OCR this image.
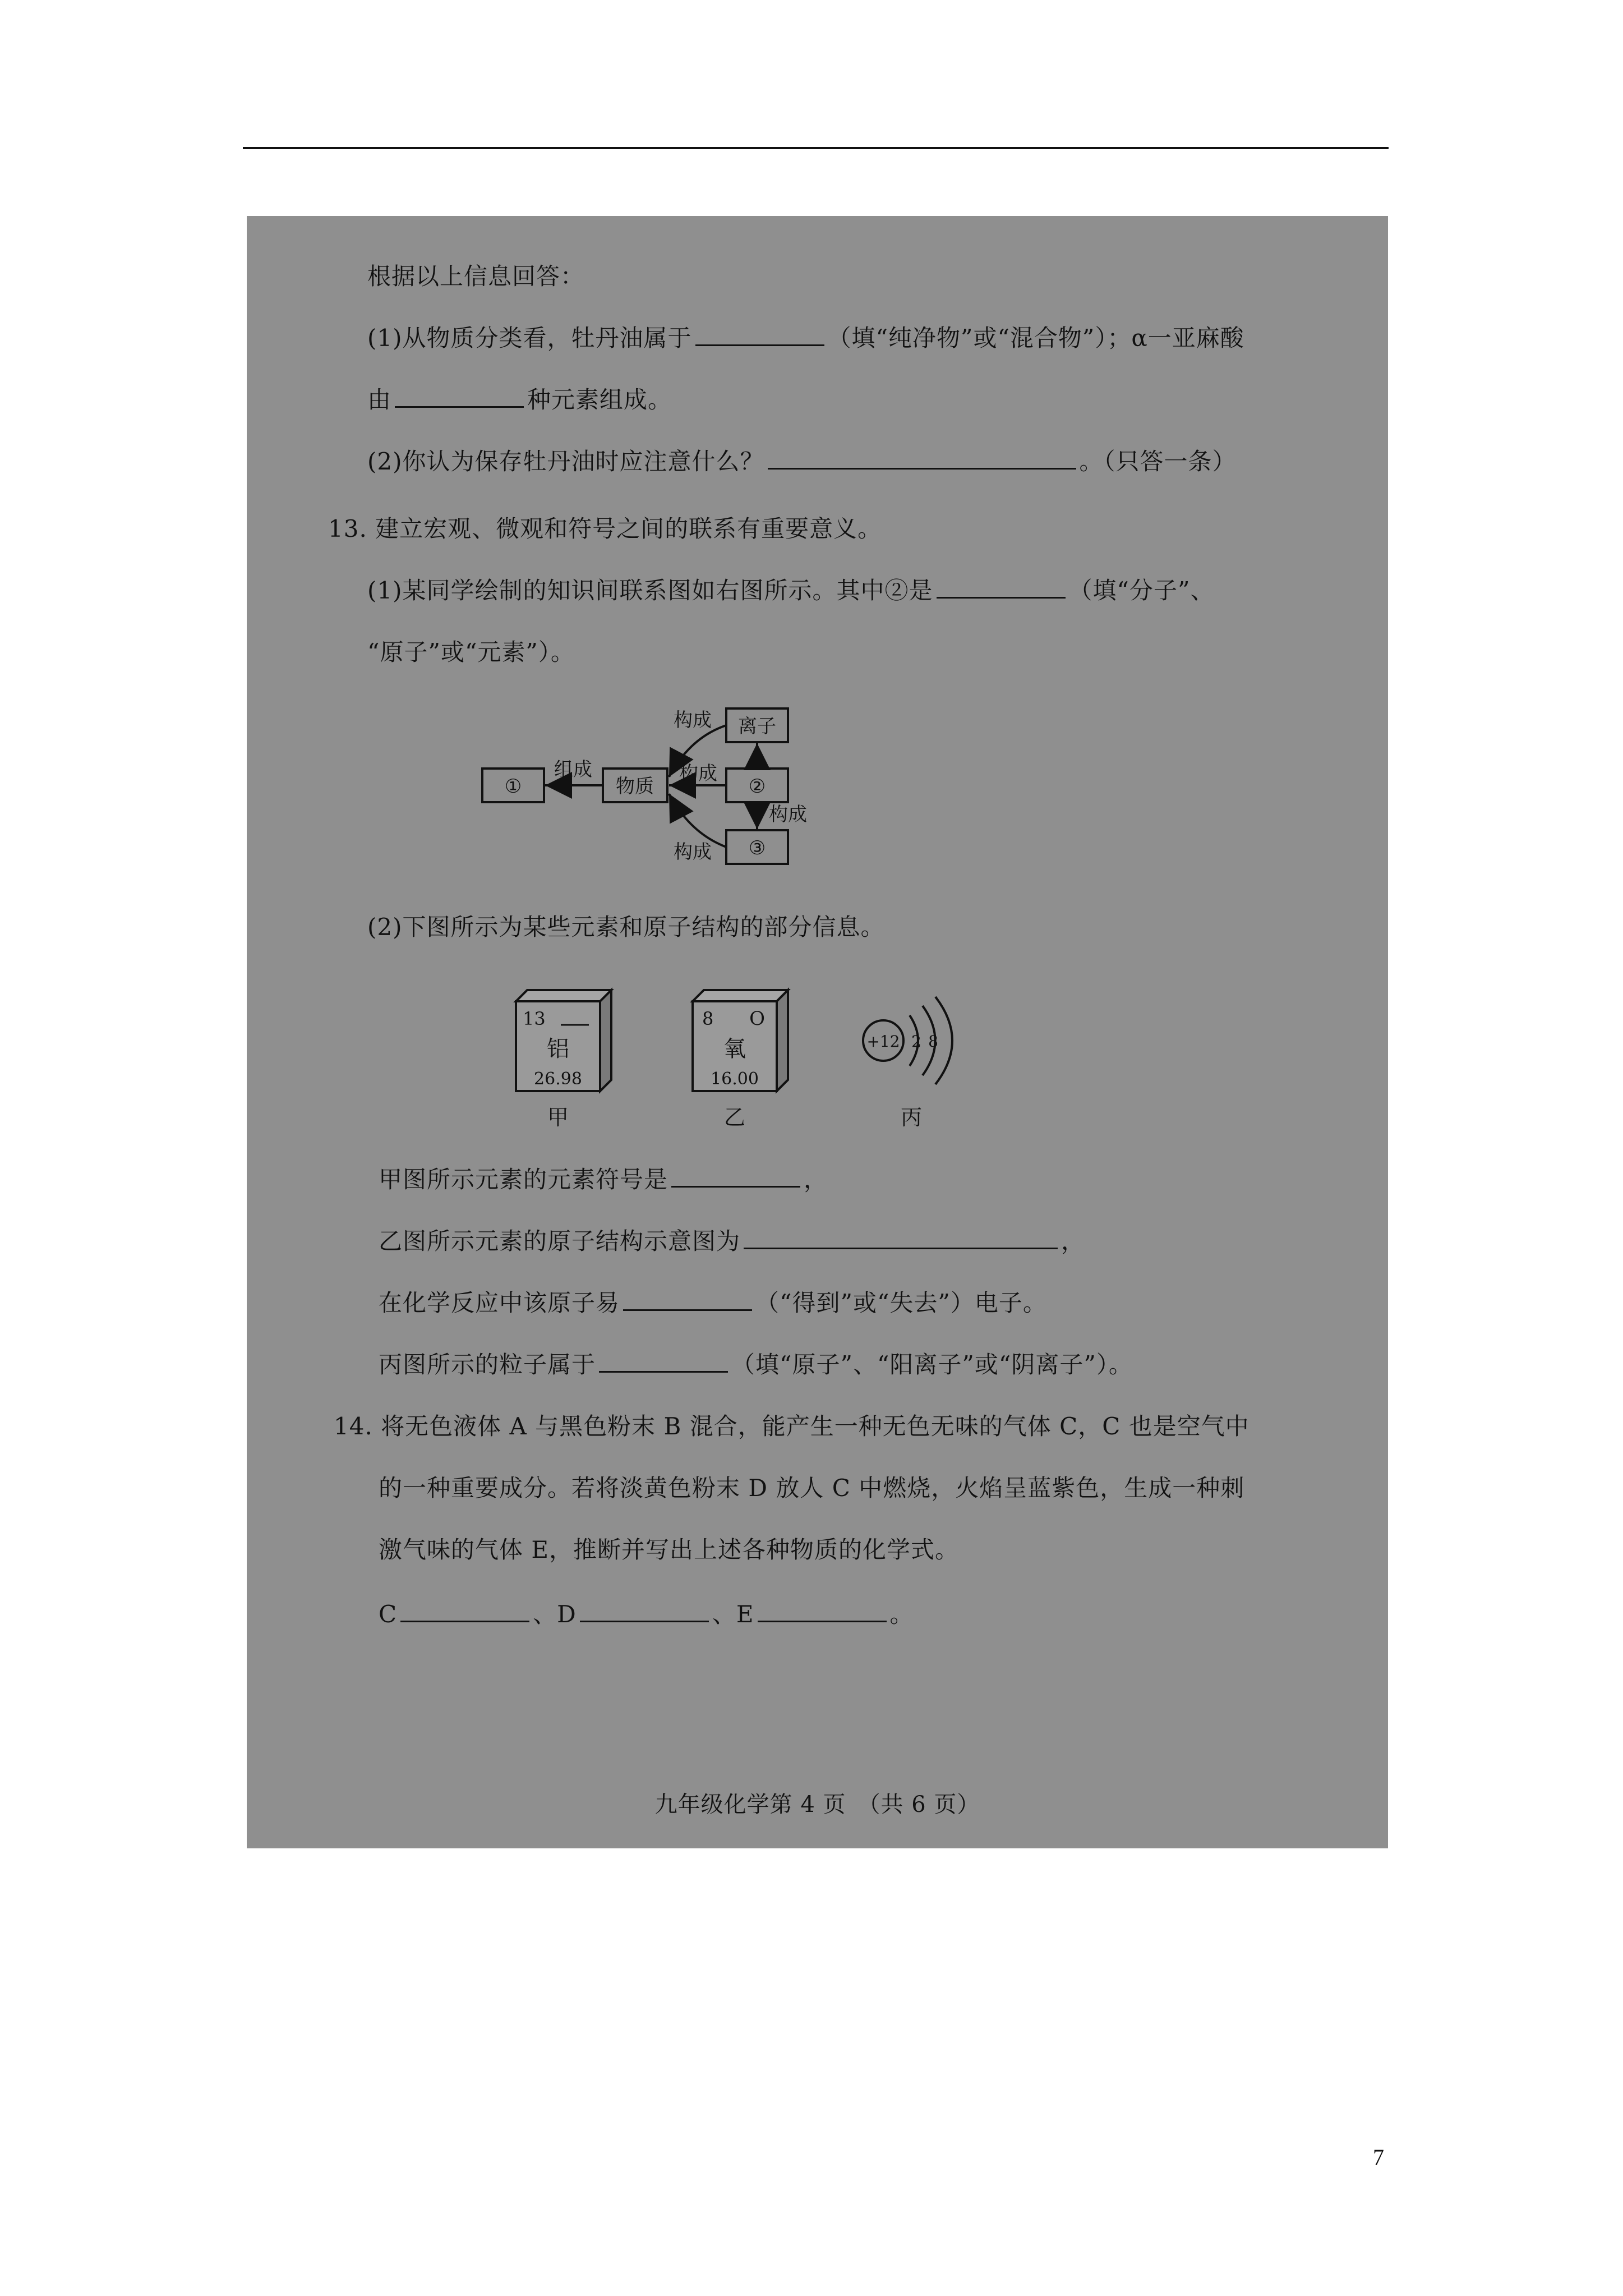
根据以上信息回答：
(1)从物质分类看，牡丹油属于	（填“纯净物”或“混合物”）；α一亚麻酸
由	种元素组成。
(2)你认为保存牡丹油时应注意什么？	。（只答一条）
13. 建立宏观、微观和符号之间的联系有重要意义。
(1)某同学绘制的知识间联系图如右图所示。其中②是	（填“分子”、
“原子”或“元素”）。
①	物质	②
离子
③
组成
构成
构成
构成
构成
(2)下图所示为某些元素和原子结构的部分信息。
13
铝
26.98
甲
8 O
氧
16.00
乙
+12 2 8
丙
甲图所示元素的元素符号是	，
乙图所示元素的原子结构示意图为	，
在化学反应中该原子易	（“得到”或“失去”）电子。
丙图所示的粒子属于	（填“原子”、“阳离子”或“阴离子”）。
14. 将无色液体 A 与黑色粉末 B 混合，能产生一种无色无味的气体 C，C 也是空气中
的一种重要成分。若将淡黄色粉末 D 放人 C 中燃烧，火焰呈蓝紫色，生成一种刺
激气味的气体 E，推断并写出上述各种物质的化学式。
C	、D	、E	。
九年级化学第 4 页　（共 6 页）
7
